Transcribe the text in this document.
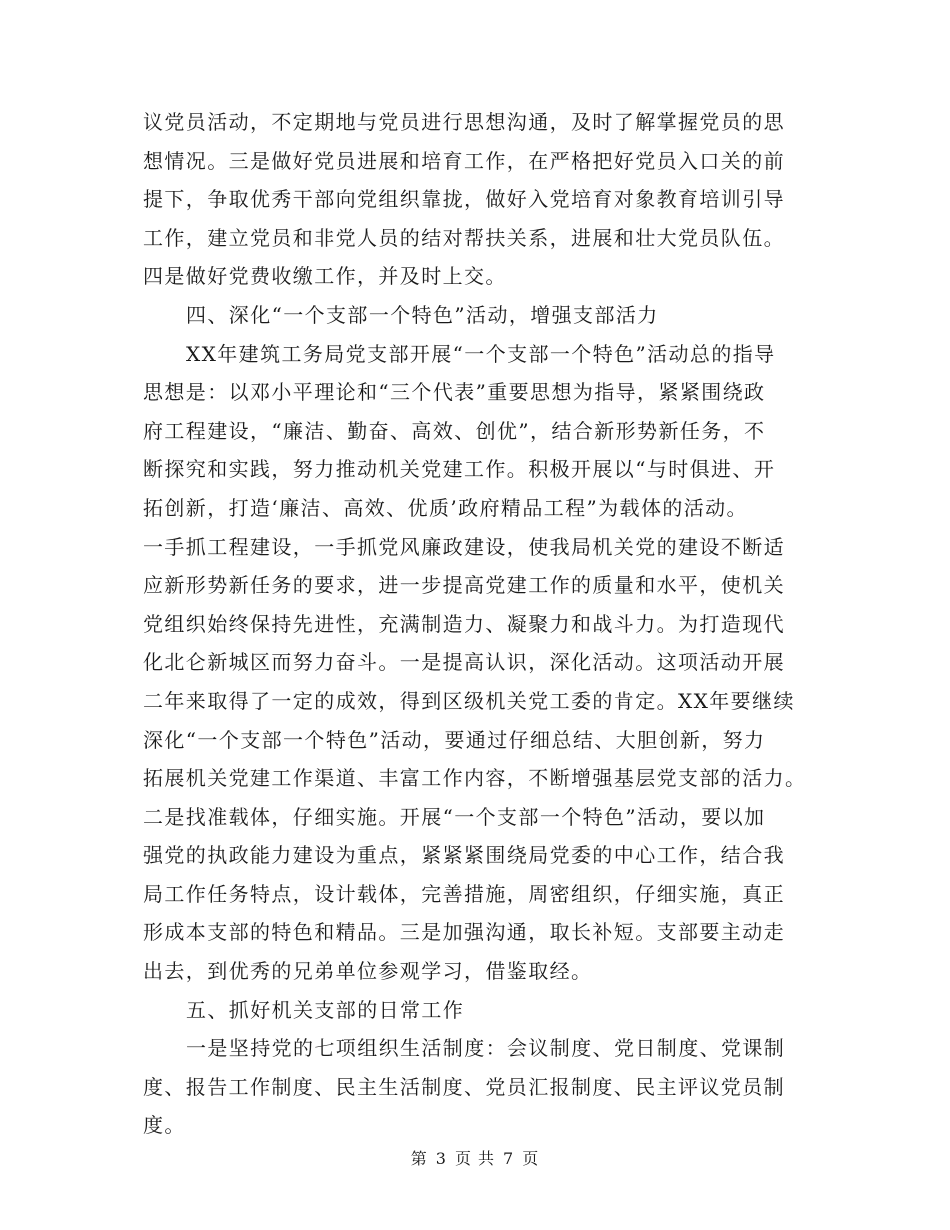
议党员活动，不定期地与党员进行思想沟通，及时了解掌握党员的思
想情况。三是做好党员进展和培育工作，在严格把好党员入口关的前
提下，争取优秀干部向党组织靠拢，做好入党培育对象教育培训引导
工作，建立党员和非党人员的结对帮扶关系，进展和壮大党员队伍。
四是做好党费收缴工作，并及时上交。
四、深化“一个支部一个特色”活动，增强支部活力
XX年建筑工务局党支部开展“一个支部一个特色”活动总的指导
思想是：以邓小平理论和“三个代表”重要思想为指导，紧紧围绕政
府工程建设，“廉洁、勤奋、高效、创优”，结合新形势新任务，不
断探究和实践，努力推动机关党建工作。积极开展以“与时俱进、开
拓创新，打造‘廉洁、高效、优质’政府精品工程”为载体的活动。
一手抓工程建设，一手抓党风廉政建设，使我局机关党的建设不断适
应新形势新任务的要求，进一步提高党建工作的质量和水平，使机关
党组织始终保持先进性，充满制造力、凝聚力和战斗力。为打造现代
化北仑新城区而努力奋斗。一是提高认识，深化活动。这项活动开展
二年来取得了一定的成效，得到区级机关党工委的肯定。XX年要继续
深化“一个支部一个特色”活动，要通过仔细总结、大胆创新，努力
拓展机关党建工作渠道、丰富工作内容，不断增强基层党支部的活力。
二是找准载体，仔细实施。开展“一个支部一个特色”活动，要以加
强党的执政能力建设为重点，紧紧紧围绕局党委的中心工作，结合我
局工作任务特点，设计载体，完善措施，周密组织，仔细实施，真正
形成本支部的特色和精品。三是加强沟通，取长补短。支部要主动走
出去，到优秀的兄弟单位参观学习，借鉴取经。
五、抓好机关支部的日常工作
一是坚持党的七项组织生活制度：会议制度、党日制度、党课制
度、报告工作制度、民主生活制度、党员汇报制度、民主评议党员制
度。
第 3 页 共 7 页
